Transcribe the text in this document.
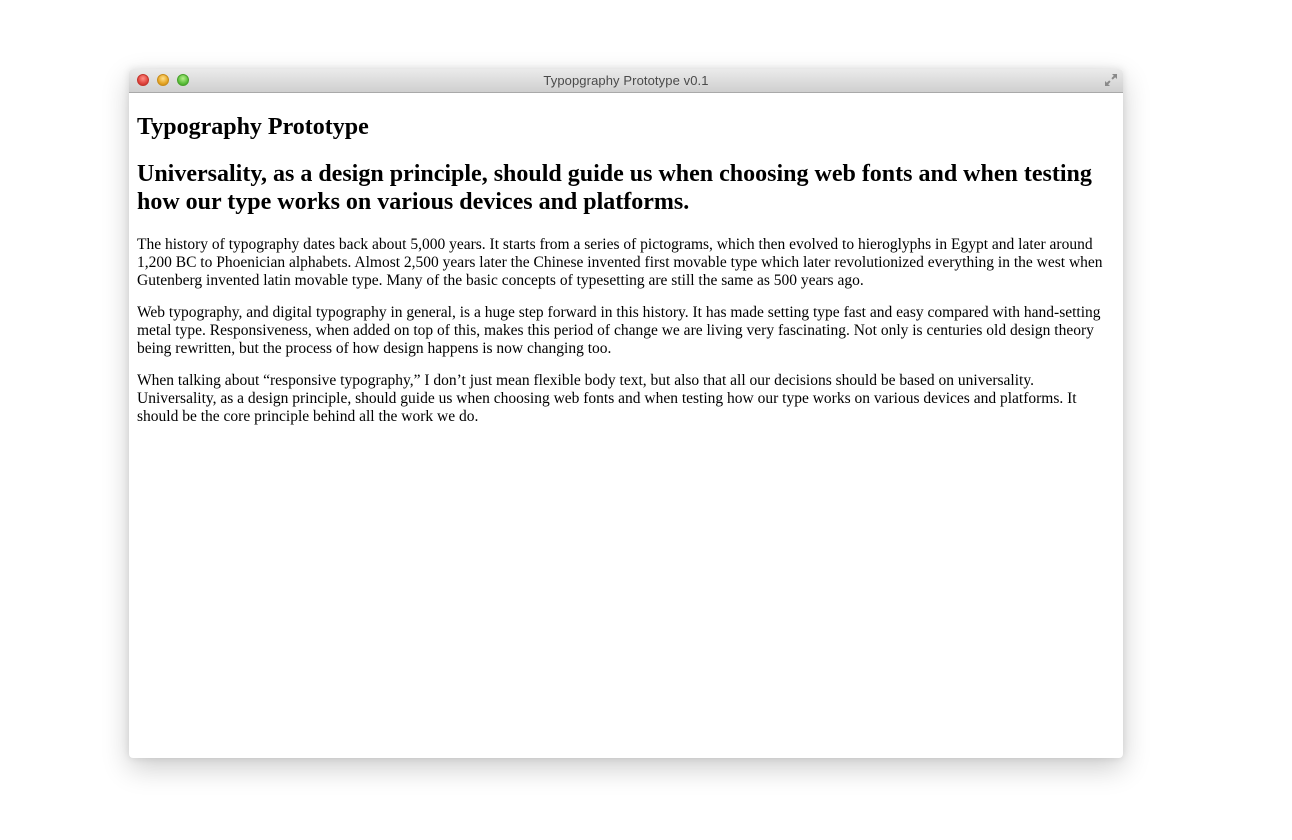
Typopgraphy Prototype v0.1
Typography Prototype
Universality, as a design principle, should guide us when choosing web fonts and when testing how our type works on various devices and platforms.

The history of typography dates back about 5,000 years. It starts from a series of pictograms, which then evolved to hieroglyphs in Egypt and later around 1,200 BC to Phoenician alphabets. Almost 2,500 years later the Chinese invented first movable type which later revolutionized everything in the west when Gutenberg invented latin movable type. Many of the basic concepts of typesetting are still the same as 500 years ago.

Web typography, and digital typography in general, is a huge step forward in this history. It has made setting type fast and easy compared with hand-setting metal type. Responsiveness, when added on top of this, makes this period of change we are living very fascinating. Not only is centuries old design theory being rewritten, but the process of how design happens is now changing too.

When talking about “responsive typography,” I don’t just mean flexible body text, but also that all our decisions should be based on universality. Universality, as a design principle, should guide us when choosing web fonts and when testing how our type works on various devices and platforms. It should be the core principle behind all the work we do.
